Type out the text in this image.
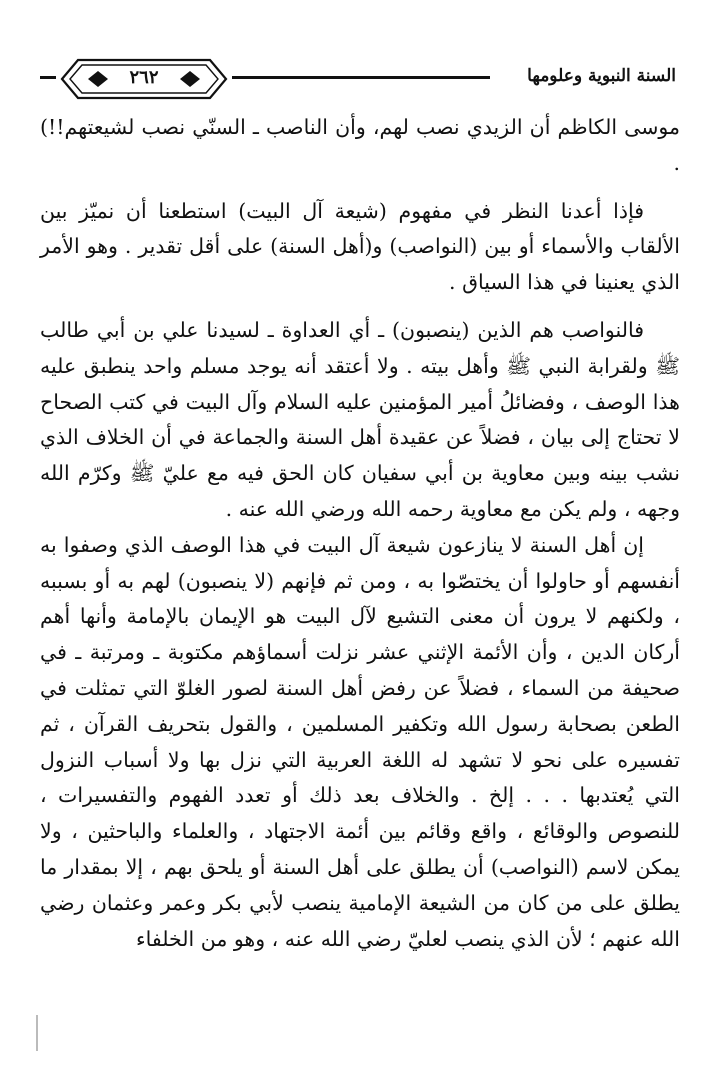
٢٦٢	السنة النبوية وعلومها

موسى الكاظم أن الزيدي نصب لهم، وأن الناصب ـ السنّي نصب لشيعتهم!!) .

فإذا أعدنا النظر في مفهوم (شيعة آل البيت) استطعنا أن نميّز بين الألقاب والأسماء أو بين (النواصب) و(أهل السنة) على أقل تقدير . وهو الأمر الذي يعنينا في هذا السياق .

فالنواصب هم الذين (ينصبون) ـ أي العداوة ـ لسيدنا علي بن أبي طالب ﷺ ولقرابة النبي ﷺ وأهل بيته . ولا أعتقد أنه يوجد مسلم واحد ينطبق عليه هذا الوصف ، وفضائلُ أمير المؤمنين عليه السلام وآل البيت في كتب الصحاح لا تحتاج إلى بيان ، فضلاً عن عقيدة أهل السنة والجماعة في أن الخلاف الذي نشب بينه وبين معاوية بن أبي سفيان كان الحق فيه مع عليّ ﷺ وكرّم الله وجهه ، ولم يكن مع معاوية رحمه الله ورضي الله عنه .

إن أهل السنة لا ينازعون شيعة آل البيت في هذا الوصف الذي وصفوا به أنفسهم أو حاولوا أن يختصّوا به ، ومن ثم فإنهم (لا ينصبون) لهم به أو بسببه ، ولكنهم لا يرون أن معنى التشيع لآل البيت هو الإيمان بالإمامة وأنها أهم أركان الدين ، وأن الأئمة الإثني عشر نزلت أسماؤهم مكتوبة ـ ومرتبة ـ في صحيفة من السماء ، فضلاً عن رفض أهل السنة لصور الغلوّ التي تمثلت في الطعن بصحابة رسول الله وتكفير المسلمين ، والقول بتحريف القرآن ، ثم تفسيره على نحو لا تشهد له اللغة العربية التي نزل بها ولا أسباب النزول التي يُعتدبها . . . إلخ . والخلاف بعد ذلك أو تعدد الفهوم والتفسيرات ، للنصوص والوقائع ، واقع وقائم بين أئمة الاجتهاد ، والعلماء والباحثين ، ولا يمكن لاسم (النواصب) أن يطلق على أهل السنة أو يلحق بهم ، إلا بمقدار ما يطلق على من كان من الشيعة الإمامية ينصب لأبي بكر وعمر وعثمان رضي الله عنهم ؛ لأن الذي ينصب لعليّ رضي الله عنه ، وهو من الخلفاء
